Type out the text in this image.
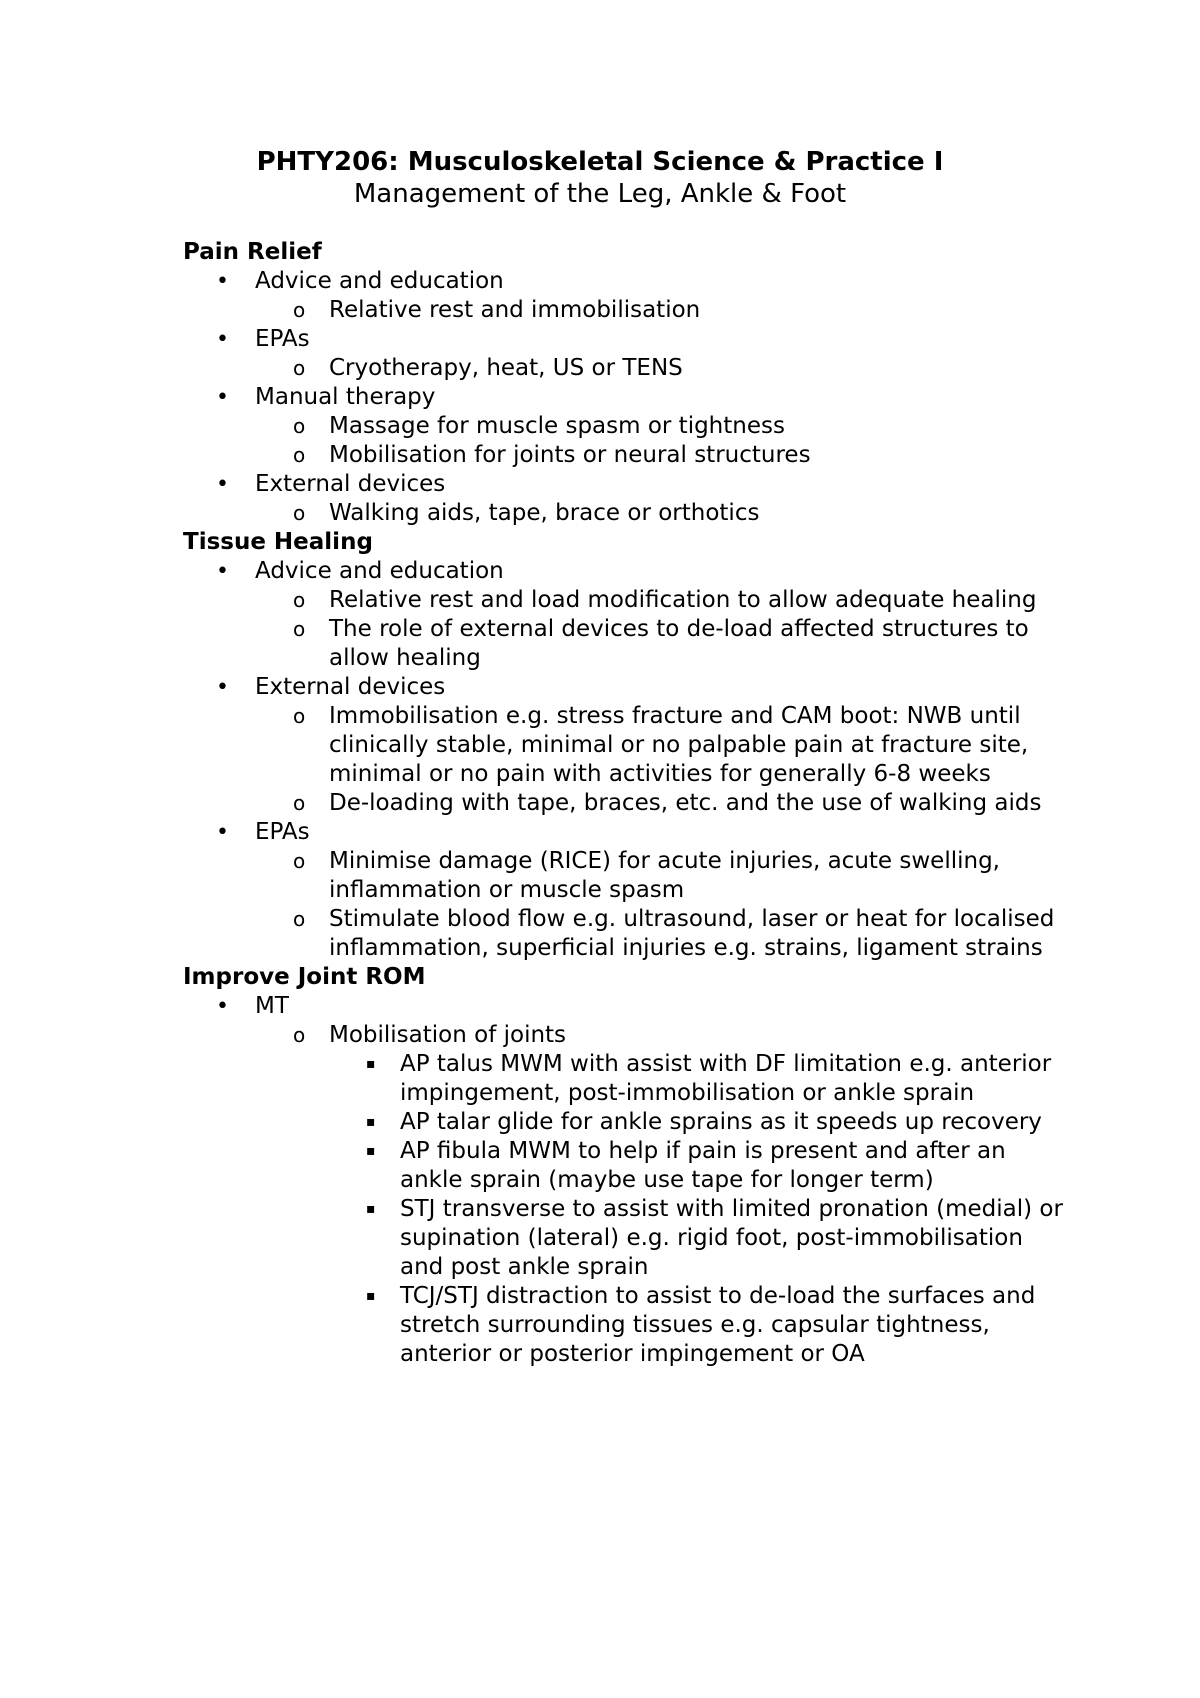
PHTY206: Musculoskeletal Science & Practice I
Management of the Leg, Ankle & Foot
Pain Relief
• Advice and education
o Relative rest and immobilisation
• EPAs
o Cryotherapy, heat, US or TENS
• Manual therapy
o Massage for muscle spasm or tightness
o Mobilisation for joints or neural structures
• External devices
o Walking aids, tape, brace or orthotics
Tissue Healing
• Advice and education
o Relative rest and load modification to allow adequate healing
o The role of external devices to de-load affected structures to allow healing
• External devices
o Immobilisation e.g. stress fracture and CAM boot: NWB until clinically stable, minimal or no palpable pain at fracture site, minimal or no pain with activities for generally 6-8 weeks
o De-loading with tape, braces, etc. and the use of walking aids
• EPAs
o Minimise damage (RICE) for acute injuries, acute swelling, inflammation or muscle spasm
o Stimulate blood flow e.g. ultrasound, laser or heat for localised inflammation, superficial injuries e.g. strains, ligament strains
Improve Joint ROM
• MT
o Mobilisation of joints
▪ AP talus MWM with assist with DF limitation e.g. anterior impingement, post-immobilisation or ankle sprain
▪ AP talar glide for ankle sprains as it speeds up recovery
▪ AP fibula MWM to help if pain is present and after an ankle sprain (maybe use tape for longer term)
▪ STJ transverse to assist with limited pronation (medial) or supination (lateral) e.g. rigid foot, post-immobilisation and post ankle sprain
▪ TCJ/STJ distraction to assist to de-load the surfaces and stretch surrounding tissues e.g. capsular tightness, anterior or posterior impingement or OA
